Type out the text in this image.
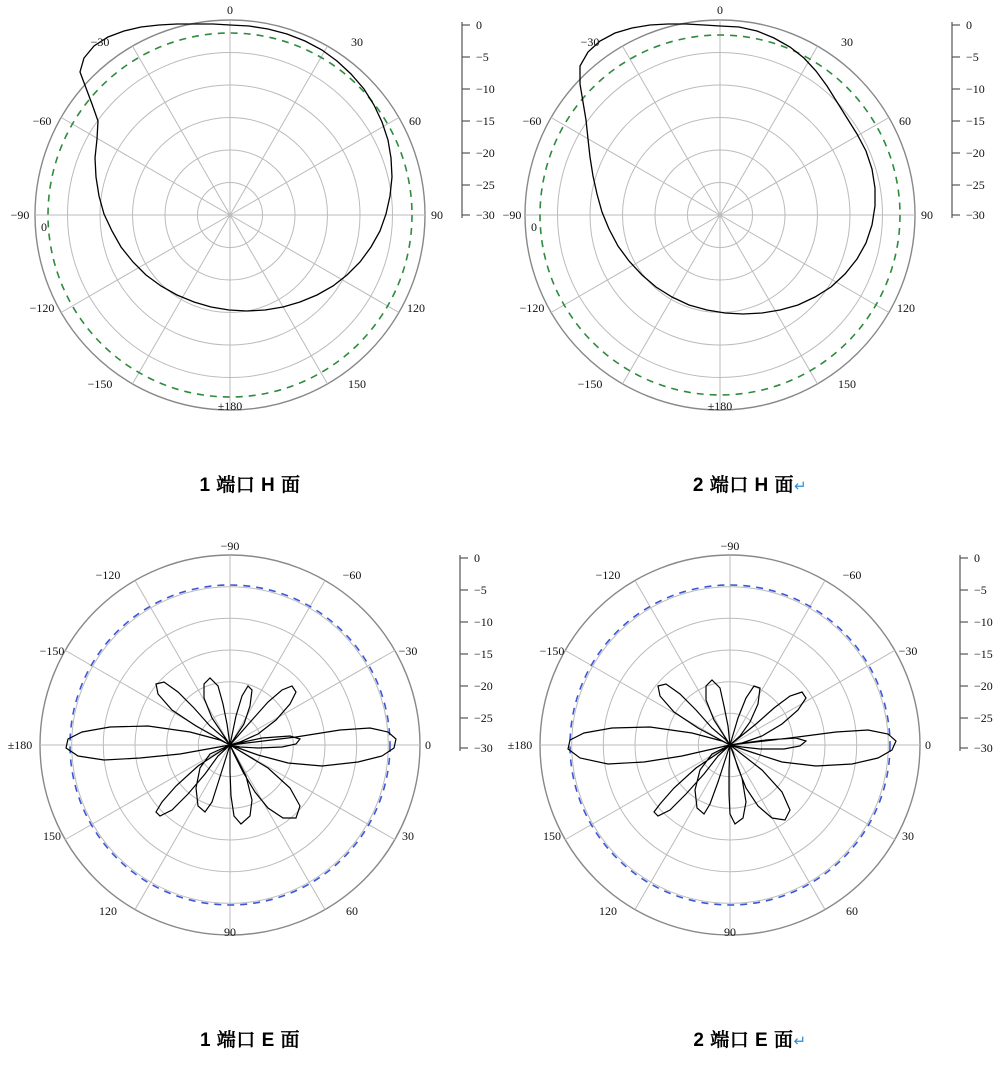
0
30
60
90
120
150
±180
−150
−120
−90
−60
−30
0
0
−5
−10
−15
−20
−25
−30
1 端口 H 面
0
30
60
90
120
150
±180
−150
−120
−90
−60
−30
0
0
−5
−10
−15
−20
−25
−30
2 端口 H 面↵
−90
−60
−30
0
30
60
90
120
150
±180
−150
−120
0
−5
−10
−15
−20
−25
−30
1 端口 E 面
−90
−60
−30
0
30
60
90
120
150
±180
−150
−120
0
−5
−10
−15
−20
−25
−30
2 端口 E 面↵
